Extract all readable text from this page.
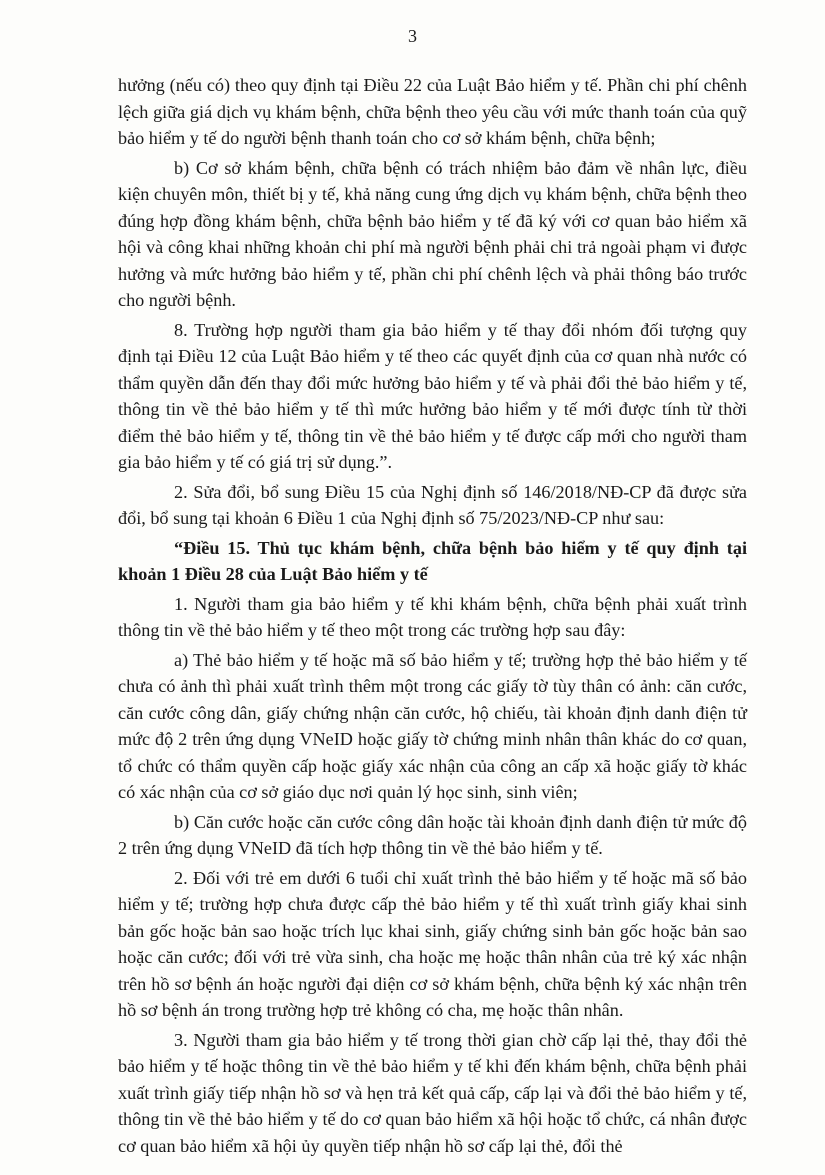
3

hưởng (nếu có) theo quy định tại Điều 22 của Luật Bảo hiểm y tế. Phần chi phí chênh lệch giữa giá dịch vụ khám bệnh, chữa bệnh theo yêu cầu với mức thanh toán của quỹ bảo hiểm y tế do người bệnh thanh toán cho cơ sở khám bệnh, chữa bệnh;

b) Cơ sở khám bệnh, chữa bệnh có trách nhiệm bảo đảm về nhân lực, điều kiện chuyên môn, thiết bị y tế, khả năng cung ứng dịch vụ khám bệnh, chữa bệnh theo đúng hợp đồng khám bệnh, chữa bệnh bảo hiểm y tế đã ký với cơ quan bảo hiểm xã hội và công khai những khoản chi phí mà người bệnh phải chi trả ngoài phạm vi được hưởng và mức hưởng bảo hiểm y tế, phần chi phí chênh lệch và phải thông báo trước cho người bệnh.

8. Trường hợp người tham gia bảo hiểm y tế thay đổi nhóm đối tượng quy định tại Điều 12 của Luật Bảo hiểm y tế theo các quyết định của cơ quan nhà nước có thẩm quyền dẫn đến thay đổi mức hưởng bảo hiểm y tế và phải đổi thẻ bảo hiểm y tế, thông tin về thẻ bảo hiểm y tế thì mức hưởng bảo hiểm y tế mới được tính từ thời điểm thẻ bảo hiểm y tế, thông tin về thẻ bảo hiểm y tế được cấp mới cho người tham gia bảo hiểm y tế có giá trị sử dụng.”.

2. Sửa đổi, bổ sung Điều 15 của Nghị định số 146/2018/NĐ-CP đã được sửa đổi, bổ sung tại khoản 6 Điều 1 của Nghị định số 75/2023/NĐ-CP như sau:

“Điều 15. Thủ tục khám bệnh, chữa bệnh bảo hiểm y tế quy định tại khoản 1 Điều 28 của Luật Bảo hiểm y tế

1. Người tham gia bảo hiểm y tế khi khám bệnh, chữa bệnh phải xuất trình thông tin về thẻ bảo hiểm y tế theo một trong các trường hợp sau đây:

a) Thẻ bảo hiểm y tế hoặc mã số bảo hiểm y tế; trường hợp thẻ bảo hiểm y tế chưa có ảnh thì phải xuất trình thêm một trong các giấy tờ tùy thân có ảnh: căn cước, căn cước công dân, giấy chứng nhận căn cước, hộ chiếu, tài khoản định danh điện tử mức độ 2 trên ứng dụng VNeID hoặc giấy tờ chứng minh nhân thân khác do cơ quan, tổ chức có thẩm quyền cấp hoặc giấy xác nhận của công an cấp xã hoặc giấy tờ khác có xác nhận của cơ sở giáo dục nơi quản lý học sinh, sinh viên;

b) Căn cước hoặc căn cước công dân hoặc tài khoản định danh điện tử mức độ 2 trên ứng dụng VNeID đã tích hợp thông tin về thẻ bảo hiểm y tế.

2. Đối với trẻ em dưới 6 tuổi chỉ xuất trình thẻ bảo hiểm y tế hoặc mã số bảo hiểm y tế; trường hợp chưa được cấp thẻ bảo hiểm y tế thì xuất trình giấy khai sinh bản gốc hoặc bản sao hoặc trích lục khai sinh, giấy chứng sinh bản gốc hoặc bản sao hoặc căn cước; đối với trẻ vừa sinh, cha hoặc mẹ hoặc thân nhân của trẻ ký xác nhận trên hồ sơ bệnh án hoặc người đại diện cơ sở khám bệnh, chữa bệnh ký xác nhận trên hồ sơ bệnh án trong trường hợp trẻ không có cha, mẹ hoặc thân nhân.

3. Người tham gia bảo hiểm y tế trong thời gian chờ cấp lại thẻ, thay đổi thẻ bảo hiểm y tế hoặc thông tin về thẻ bảo hiểm y tế khi đến khám bệnh, chữa bệnh phải xuất trình giấy tiếp nhận hồ sơ và hẹn trả kết quả cấp, cấp lại và đổi thẻ bảo hiểm y tế, thông tin về thẻ bảo hiểm y tế do cơ quan bảo hiểm xã hội hoặc tổ chức, cá nhân được cơ quan bảo hiểm xã hội ủy quyền tiếp nhận hồ sơ cấp lại thẻ, đổi thẻ
